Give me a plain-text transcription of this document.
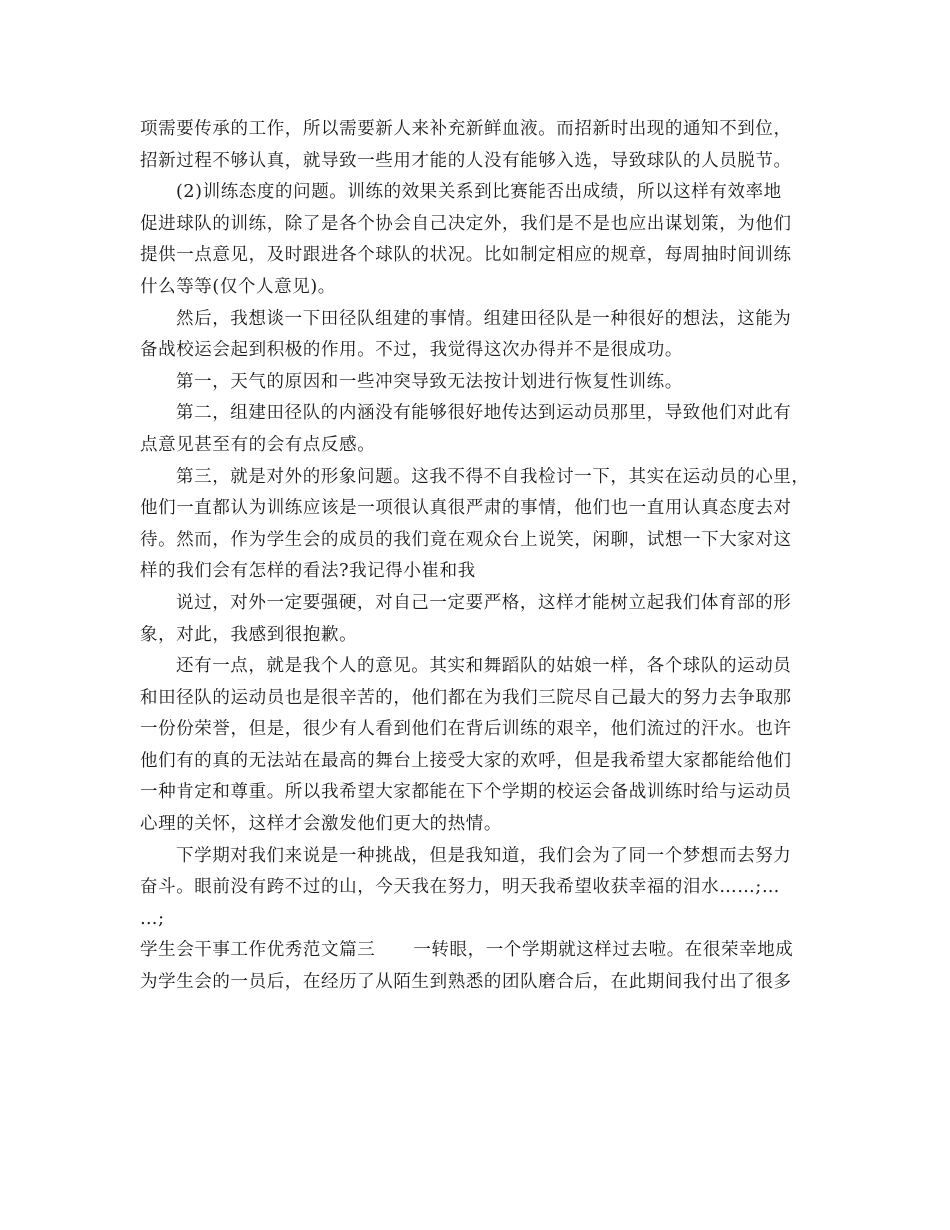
项需要传承的工作，所以需要新人来补充新鲜血液。而招新时出现的通知不到位，
招新过程不够认真，就导致一些用才能的人没有能够入选，导致球队的人员脱节。
(2)训练态度的问题。训练的效果关系到比赛能否出成绩，所以这样有效率地
促进球队的训练，除了是各个协会自己决定外，我们是不是也应出谋划策，为他们
提供一点意见，及时跟进各个球队的状况。比如制定相应的规章，每周抽时间训练
什么等等(仅个人意见)。
然后，我想谈一下田径队组建的事情。组建田径队是一种很好的想法，这能为
备战校运会起到积极的作用。不过，我觉得这次办得并不是很成功。
第一，天气的原因和一些冲突导致无法按计划进行恢复性训练。
第二，组建田径队的内涵没有能够很好地传达到运动员那里，导致他们对此有
点意见甚至有的会有点反感。
第三，就是对外的形象问题。这我不得不自我检讨一下，其实在运动员的心里，
他们一直都认为训练应该是一项很认真很严肃的事情，他们也一直用认真态度去对
待。然而，作为学生会的成员的我们竟在观众台上说笑，闲聊，试想一下大家对这
样的我们会有怎样的看法?我记得小崔和我
说过，对外一定要强硬，对自己一定要严格，这样才能树立起我们体育部的形
象，对此，我感到很抱歉。
还有一点，就是我个人的意见。其实和舞蹈队的姑娘一样，各个球队的运动员
和田径队的运动员也是很辛苦的，他们都在为我们三院尽自己最大的努力去争取那
一份份荣誉，但是，很少有人看到他们在背后训练的艰辛，他们流过的汗水。也许
他们有的真的无法站在最高的舞台上接受大家的欢呼，但是我希望大家都能给他们
一种肯定和尊重。所以我希望大家都能在下个学期的校运会备战训练时给与运动员
心理的关怀，这样才会激发他们更大的热情。
下学期对我们来说是一种挑战，但是我知道，我们会为了同一个梦想而去努力
奋斗。眼前没有跨不过的山，今天我在努力，明天我希望收获幸福的泪水……;…
…;
学生会干事工作优秀范文篇三 一转眼，一个学期就这样过去啦。在很荣幸地成
为学生会的一员后，在经历了从陌生到熟悉的团队磨合后，在此期间我付出了很多
